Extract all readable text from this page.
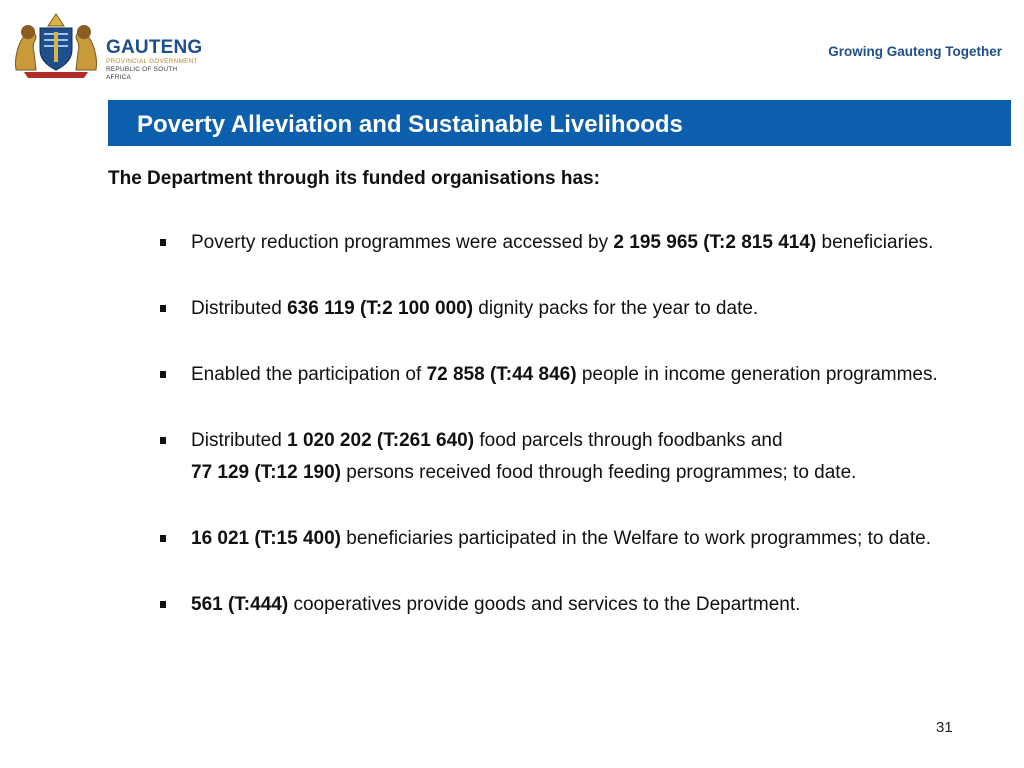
GAUTENG
PROVINCIAL GOVERNMENT
REPUBLIC OF SOUTH AFRICA
Growing Gauteng Together
Poverty Alleviation and Sustainable Livelihoods
The Department through its funded organisations has:
Poverty reduction programmes were accessed by 2 195 965 (T:2 815 414) beneficiaries.
Distributed 636 119 (T:2 100 000) dignity packs for the year to date.
Enabled the participation of 72 858 (T:44 846) people in income generation programmes.
Distributed 1 020 202 (T:261 640) food parcels through foodbanks and
77 129 (T:12 190) persons received food through feeding programmes; to date.
16 021 (T:15 400) beneficiaries participated in the Welfare to work programmes; to date.
561 (T:444) cooperatives provide goods and services to the Department.
31
